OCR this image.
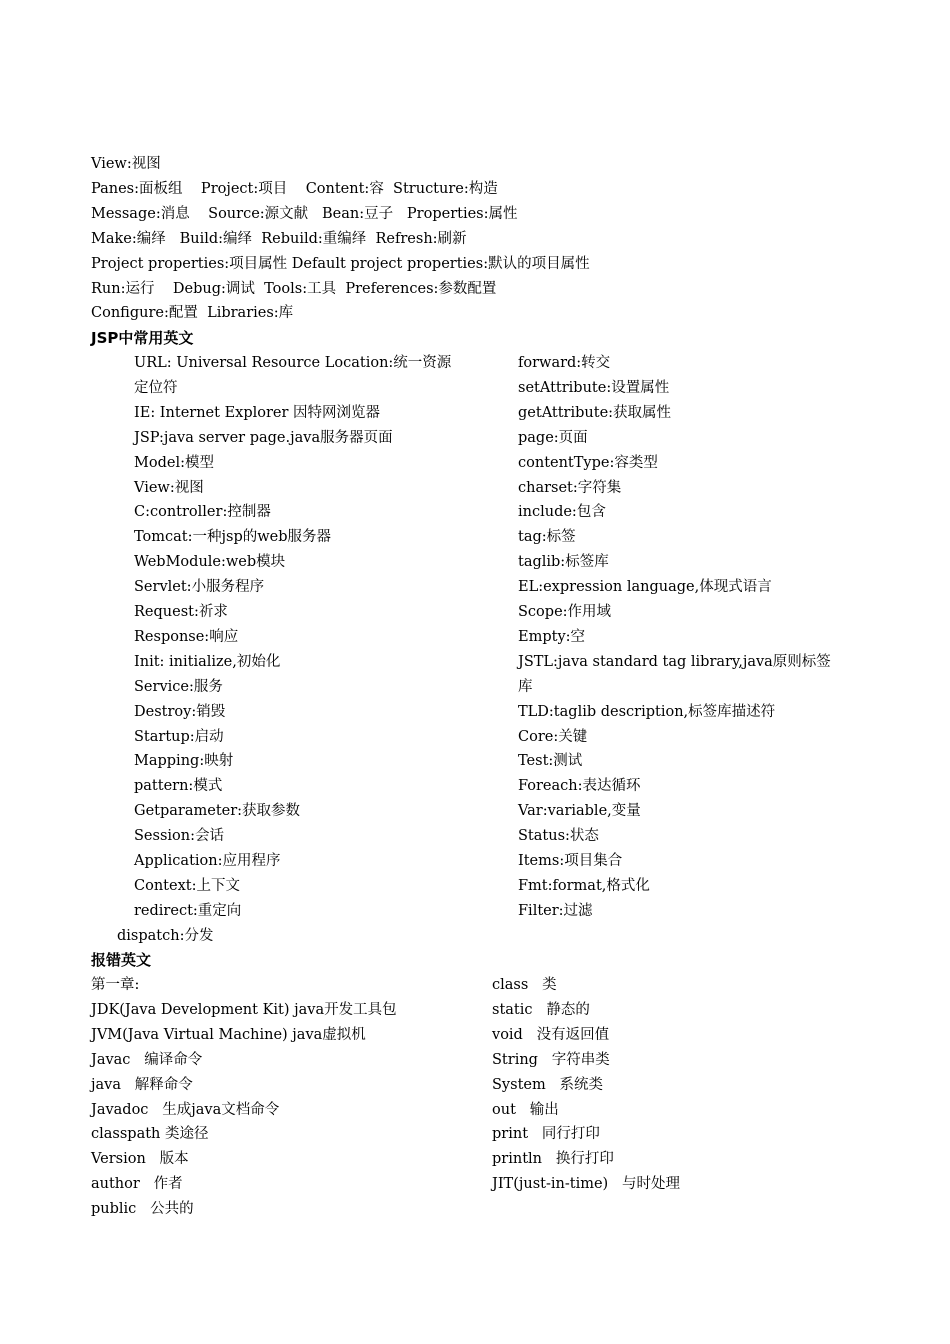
View:视图
Panes:面板组    Project:项目    Content:容  Structure:构造
Message:消息    Source:源文献   Bean:豆子   Properties:属性
Make:编绎   Build:编绎  Rebuild:重编绎  Refresh:刷新
Project properties:项目属性 Default project properties:默认的项目属性
Run:运行    Debug:调试  Tools:工具  Preferences:参数配置
Configure:配置  Libraries:库
JSP中常用英文
URL: Universal Resource Location:统一资源
定位符
IE: Internet Explorer 因特网浏览器
JSP:java server page.java服务器页面
Model:模型
View:视图
C:controller:控制器
Tomcat:一种jsp的web服务器
WebModule:web模块
Servlet:小服务程序
Request:祈求
Response:响应
Init: initialize,初始化
Service:服务
Destroy:销毁
Startup:启动
Mapping:映射
pattern:模式
Getparameter:获取参数
Session:会话
Application:应用程序
Context:上下文
redirect:重定向
forward:转交
setAttribute:设置属性
getAttribute:获取属性
page:页面
contentType:容类型
charset:字符集
include:包含
tag:标签
taglib:标签库
EL:expression language,体现式语言
Scope:作用域
Empty:空
JSTL:java standard tag library,java原则标签
库
TLD:taglib description,标签库描述符
Core:关键
Test:测试
Foreach:表达循环
Var:variable,变量
Status:状态
Items:项目集合
Fmt:format,格式化
Filter:过滤
dispatch:分发
报错英文
第一章:
JDK(Java Development Kit) java开发工具包
JVM(Java Virtual Machine) java虚拟机
Javac   编译命令
java   解释命令
Javadoc   生成java文档命令
classpath 类途径
Version   版本
author   作者
public   公共的
class   类
static   静态的
void   没有返回值
String   字符串类
System   系统类
out   输出
print   同行打印
println   换行打印
JIT(just-in-time)   与时处理
